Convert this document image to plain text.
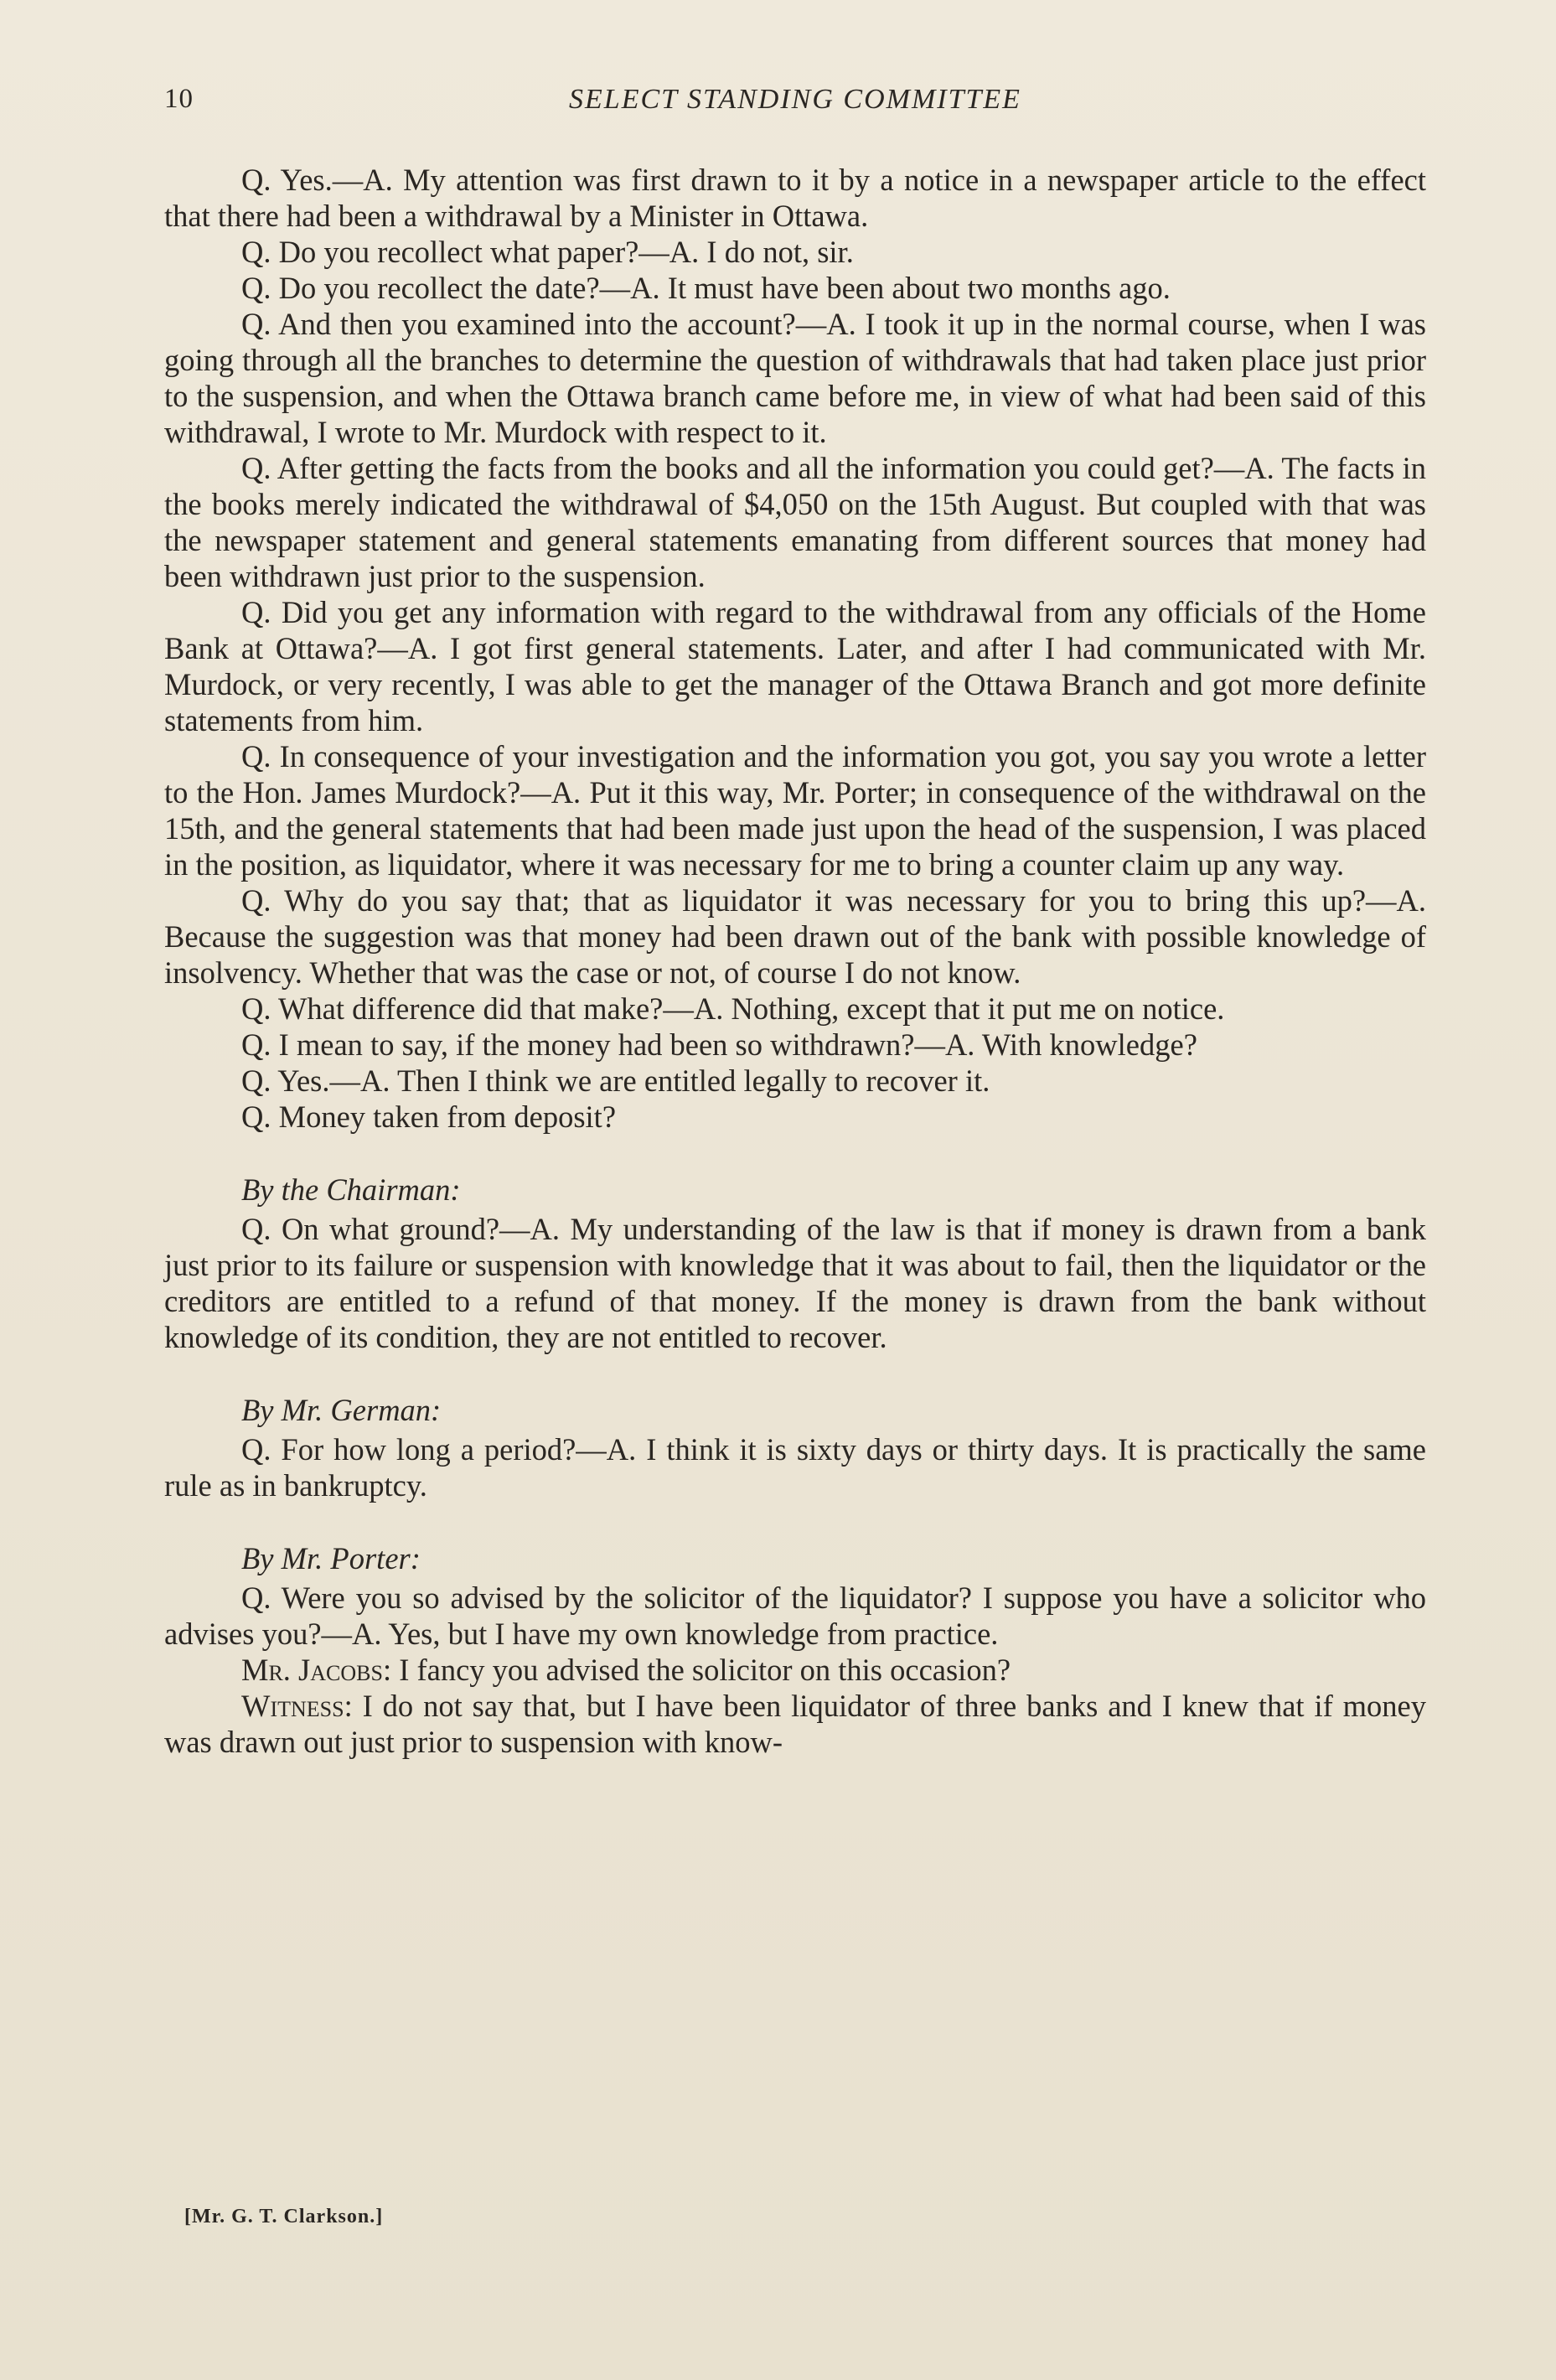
10	SELECT STANDING COMMITTEE

Q. Yes.—A. My attention was first drawn to it by a notice in a newspaper article to the effect that there had been a withdrawal by a Minister in Ottawa.

Q. Do you recollect what paper?—A. I do not, sir.

Q. Do you recollect the date?—A. It must have been about two months ago.

Q. And then you examined into the account?—A. I took it up in the normal course, when I was going through all the branches to determine the question of withdrawals that had taken place just prior to the suspension, and when the Ottawa branch came before me, in view of what had been said of this withdrawal, I wrote to Mr. Murdock with respect to it.

Q. After getting the facts from the books and all the information you could get?—A. The facts in the books merely indicated the withdrawal of $4,050 on the 15th August. But coupled with that was the newspaper statement and general statements emanating from different sources that money had been withdrawn just prior to the suspension.

Q. Did you get any information with regard to the withdrawal from any officials of the Home Bank at Ottawa?—A. I got first general statements. Later, and after I had communicated with Mr. Murdock, or very recently, I was able to get the manager of the Ottawa Branch and got more definite statements from him.

Q. In consequence of your investigation and the information you got, you say you wrote a letter to the Hon. James Murdock?—A. Put it this way, Mr. Porter; in consequence of the withdrawal on the 15th, and the general statements that had been made just upon the head of the suspension, I was placed in the position, as liquidator, where it was necessary for me to bring a counter claim up any way.

Q. Why do you say that; that as liquidator it was necessary for you to bring this up?—A. Because the suggestion was that money had been drawn out of the bank with possible knowledge of insolvency. Whether that was the case or not, of course I do not know.

Q. What difference did that make?—A. Nothing, except that it put me on notice.

Q. I mean to say, if the money had been so withdrawn?—A. With knowledge?

Q. Yes.—A. Then I think we are entitled legally to recover it.

Q. Money taken from deposit?

By the Chairman:

Q. On what ground?—A. My understanding of the law is that if money is drawn from a bank just prior to its failure or suspension with knowledge that it was about to fail, then the liquidator or the creditors are entitled to a refund of that money. If the money is drawn from the bank without knowledge of its condition, they are not entitled to recover.

By Mr. German:

Q. For how long a period?—A. I think it is sixty days or thirty days. It is practically the same rule as in bankruptcy.

By Mr. Porter:

Q. Were you so advised by the solicitor of the liquidator? I suppose you have a solicitor who advises you?—A. Yes, but I have my own knowledge from practice.

Mr. Jacobs: I fancy you advised the solicitor on this occasion?

Witness: I do not say that, but I have been liquidator of three banks and I knew that if money was drawn out just prior to suspension with know-

[Mr. G. T. Clarkson.]
